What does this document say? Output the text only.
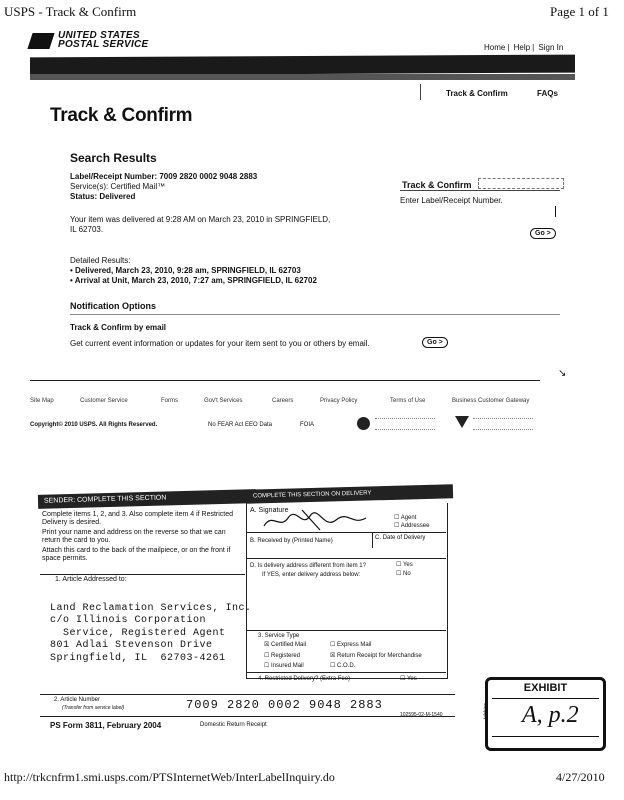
USPS - Track & Confirm	Page 1 of 1
UNITED STATES
POSTAL SERVICE	Home | Help | Sign In
Track & Confirm	FAQs
Track & Confirm
Search Results
Label/Receipt Number: 7009 2820 0002 9048 2883
Service(s): Certified Mail™
Status: Delivered
Your item was delivered at 9:28 AM on March 23, 2010 in SPRINGFIELD,
IL 62703.
Detailed Results:
• Delivered, March 23, 2010, 9:28 am, SPRINGFIELD, IL 62703
• Arrival at Unit, March 23, 2010, 7:27 am, SPRINGFIELD, IL 62702
Track & Confirm
Enter Label/Receipt Number.
Go >
Notification Options
Track & Confirm by email
Get current event information or updates for your item sent to you or others by email.	Go >
↘
Site Map	Customer Service	Forms	Gov't Services	Careers	Privacy Policy	Terms of Use	Business Customer Gateway
Copyright© 2010 USPS. All Rights Reserved.	No FEAR Act EEO Data	FOIA
SENDER: COMPLETE THIS SECTION	COMPLETE THIS SECTION ON DELIVERY
Complete items 1, 2, and 3. Also complete item 4 if Restricted Delivery is desired.
Print your name and address on the reverse so that we can return the card to you.
Attach this card to the back of the mailpiece, or on the front if space permits.
1. Article Addressed to:

Land Reclamation Services, Inc.
c/o Illinois Corporation
Service, Registered Agent
801 Adlai Stevenson Drive
Springfield, IL  62703-4261
A. Signature
☐ Agent
☐ Addressee
B. Received by (Printed Name)	C. Date of Delivery
D. Is delivery address different from item 1?
If YES, enter delivery address below:
☐ Yes
☐ No
3. Service Type
☒ Certified Mail	☐ Express Mail
☐ Registered	☒ Return Receipt for Merchandise
☐ Insured Mail	☐ C.O.D.
4. Restricted Delivery? (Extra Fee)	☐ Yes
2. Article Number
(Transfer from service label)	7009 2820 0002 9048 2883
PS Form 3811, February 2004	Domestic Return Receipt
102595-02-M-1540
EXHIBIT
A, p.2
tabbies
http://trkcnfrm1.smi.usps.com/PTSInternetWeb/InterLabelInquiry.do	4/27/2010
